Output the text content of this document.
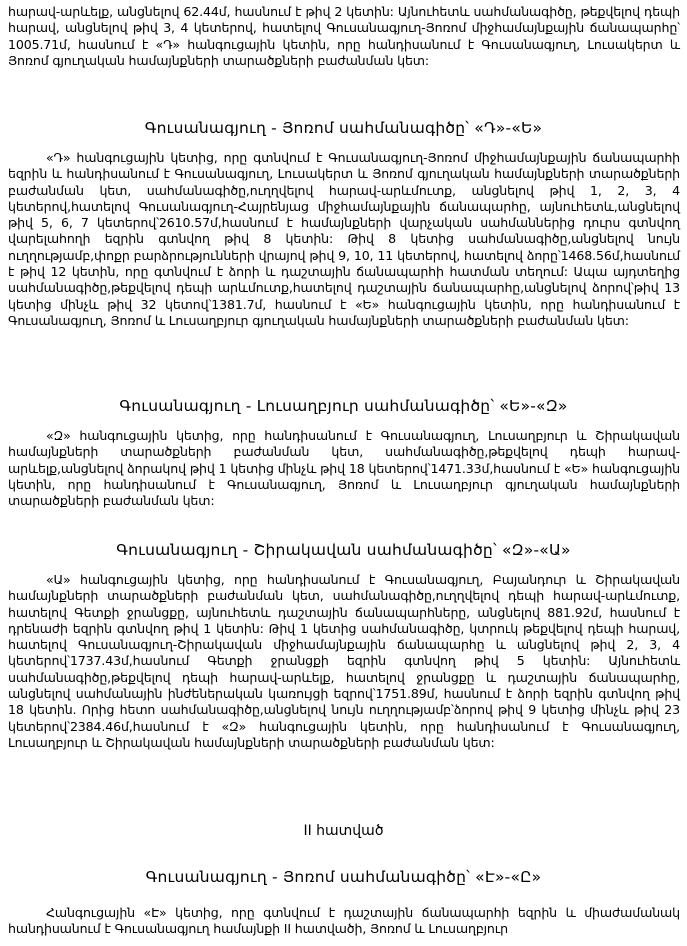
հարավ-արևելք, անցնելով 62.44մ, հասնում է թիվ 2 կետին: Այնուհետև սահմանագիծը, թեքվելով դեպի հարավ, անցնելով թիվ 3, 4 կետերով, հատելով Գուսանագյուղ-Յոռոմ միջհամայնքային ճանապարհը՝ 1005.71մ, հասնում է «Դ» հանգուցային կետին, որը հանդիսանում է Գուսանագյուղ, Լուսակերտ և Յոռոմ գյուղական համայնքների տարածքների բաժանման կետ:

Գուսանագյուղ - Յոռոմ սահմանագիծը՝ «Դ»-«Ե»

«Դ» հանգուցային կետից, որը գտնվում է Գուսանագյուղ-Յոռոմ միջհամայնքային ճանապարհի եզրին և հանդիսանում է Գուսանագյուղ, Լուսակերտ և Յոռոմ գյուղական համայնքների տարածքների բաժանման կետ, սահմանագիծը,ուղղվելով հարավ-արևմուտք, անցնելով թիվ 1, 2, 3, 4 կետերով,հատելով Գուսանագյուղ-Հայրենյաց միջհամայնքային ճանապարհը, այնուհետև,անցնելով թիվ 5, 6, 7 կետերով՝2610.57մ,հասնում է համայնքների վարչական սահմաններից դուրս գտնվող վարելահողի եզրին գտնվող թիվ 8 կետին: Թիվ 8 կետից սահմանագիծը,անցնելով նույն ուղղությամբ,փոքր բարձրությունների վրայով թիվ 9, 10, 11 կետերով, հատելով ձորը՝1468.56մ,հասնում է թիվ 12 կետին, որը գտնվում է ձորի և դաշտային ճանապարհի հատման տեղում: Ապա այդտեղից սահմանագիծը,թեքվելով դեպի արևմուտք,հատելով դաշտային ճանապարհը,անցնելով ձորով՝թիվ 13 կետից մինչև թիվ 32 կետով՝1381.7մ, հասնում է «Ե» հանգուցային կետին, որը հանդիսանում է Գուսանագյուղ, Յոռոմ և Լուսաղբյուր գյուղական համայնքների տարածքների բաժանման կետ:

Գուսանագյուղ - Լուսաղբյուր սահմանագիծը՝ «Ե»-«Զ»

«Զ» հանգուցային կետից, որը հանդիսանում է Գուսանագյուղ, Լուսաղբյուր և Շիրակավան համայնքների տարածքների բաժանման կետ, սահմանագիծը,թեքվելով դեպի հարավ-արևելք,անցնելով ձորակով թիվ 1 կետից մինչև թիվ 18 կետերով՝1471.33մ,հասնում է «Ե» հանգուցային կետին, որը հանդիսանում է Գուսանագյուղ, Յոռոմ և Լուսաղբյուր գյուղական համայնքների տարածքների բաժանման կետ:

Գուսանագյուղ - Շիրակավան սահմանագիծը՝ «Զ»-«Ա»

«Ա» հանգուցային կետից, որը հանդիսանում է Գուսանագյուղ, Բայանդուր և Շիրակավան համայնքների տարածքների բաժանման կետ, սահմանագիծը,ուղղվելով դեպի հարավ-արևմուտք, հատելով Գետքի ջրանցքը, այնուհետև դաշտային ճանապարհները, անցնելով 881.92մ, հասնում է դրենաժի եզրին գտնվող թիվ 1 կետին: Թիվ 1 կետից սահմանագիծը, կտրուկ թեքվելով դեպի հարավ, հատելով Գուսանագյուղ-Շիրակավան միջհամայնքային ճանապարհը և անցնելով թիվ 2, 3, 4 կետերով՝1737.43մ,հասնում Գետքի ջրանցքի եզրին գտնվող թիվ 5 կետին: Այնուհետև սահմանագիծը,թեքվելով դեպի հարավ-արևելք, հատելով ջրանցքը և դաշտային ճանապարհը, անցնելով սահմանային ինժեներական կառույցի եզրով՝1751.89մ, հասնում է ձորի եզրին գտնվող թիվ 18 կետին. Որից հետո սահմանագիծը,անցնելով նույն ուղղությամբ՝ձորով թիվ 9 կետից մինչև թիվ 23 կետերով՝2384.46մ,հասնում է «Զ» հանգուցային կետին, որը հանդիսանում է Գուսանագյուղ, Լուսաղբյուր և Շիրակավան համայնքների տարածքների բաժանման կետ:

II հատված
Գուսանագյուղ - Յոռոմ սահմանագիծը՝ «Է»-«Ը»

Հանգուցային «Է» կետից, որը գտնվում է դաշտային ճանապարհի եզրին և միաժամանակ հանդիսանում է Գուսանագյուղ համայնքի II հատվածի, Յոռոմ և Լուսաղբյուր
